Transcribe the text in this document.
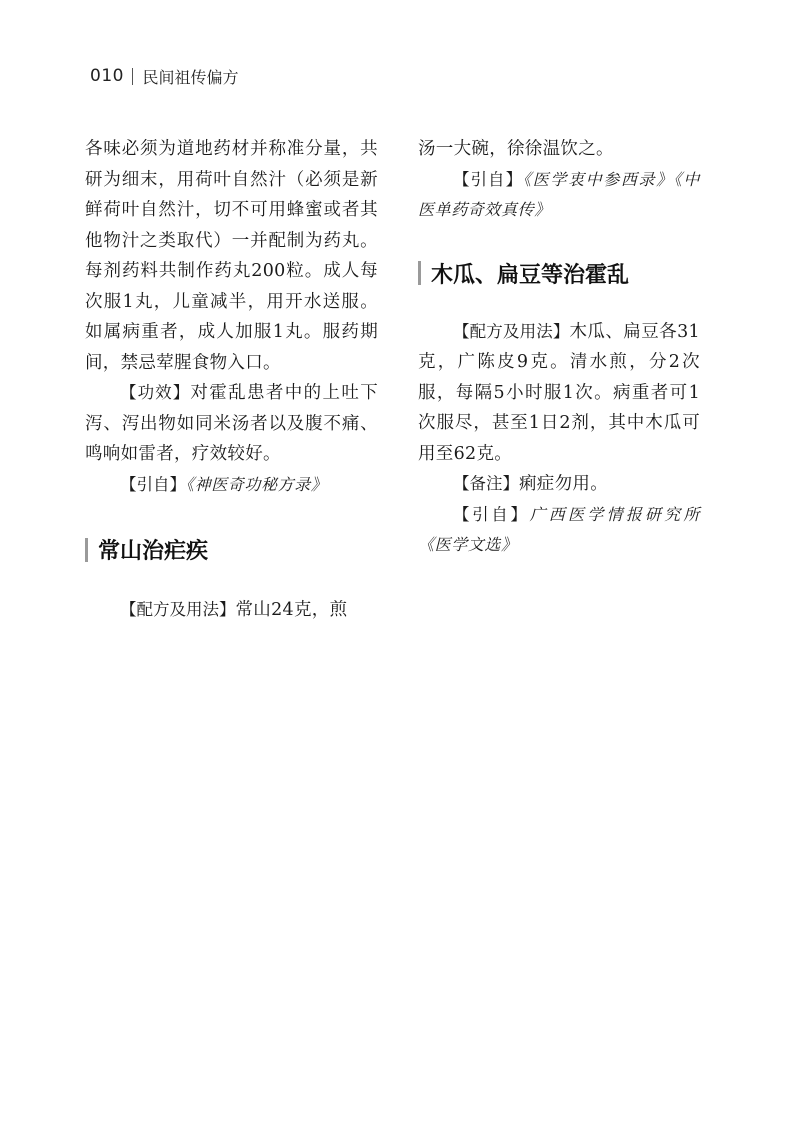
010 民间祖传偏方

各味必须为道地药材并称准分量，共研为细末，用荷叶自然汁（必须是新鲜荷叶自然汁，切不可用蜂蜜或者其他物汁之类取代）一并配制为药丸。每剂药料共制作药丸200粒。成人每次服1丸，儿童减半，用开水送服。如属病重者，成人加服1丸。服药期间，禁忌荤腥食物入口。

【功效】对霍乱患者中的上吐下泻、泻出物如同米汤者以及腹不痛、鸣响如雷者，疗效较好。

【引自】《神医奇功秘方录》

常山治疟疾

【配方及用法】常山24克，煎

汤一大碗，徐徐温饮之。

【引自】《医学衷中参西录》《中医单药奇效真传》

木瓜、扁豆等治霍乱

【配方及用法】木瓜、扁豆各31克，广陈皮9克。清水煎，分2次服，每隔5小时服1次。病重者可1次服尽，甚至1日2剂，其中木瓜可用至62克。

【备注】痢症勿用。

【引自】广西医学情报研究所《医学文选》
